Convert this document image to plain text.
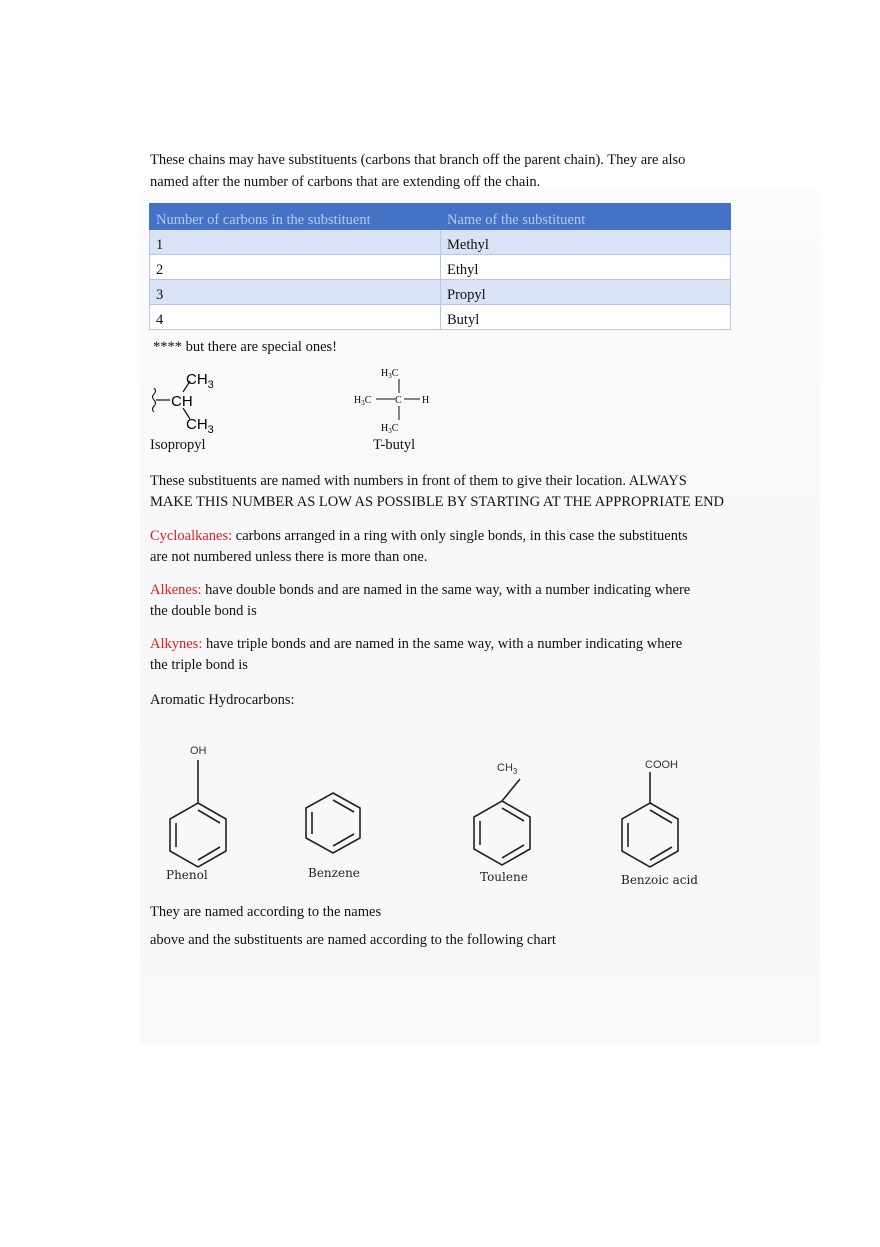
These chains may have substituents (carbons that branch off the parent chain). They are also

named after the number of carbons that are extending off the chain.

Number of carbons in the substituent	Name of the substituent
1	Methyl
2	Ethyl
3	Propyl
4	Butyl

**** but there are special ones!

$CH_3$
CH
$CH_3$
Isopropyl
$H_3C$
$H_3C$ C H
$H_3C$
T-butyl

These substituents are named with numbers in front of them to give their location. ALWAYS

MAKE THIS NUMBER AS LOW AS POSSIBLE BY STARTING AT THE APPROPRIATE END

Cycloalkanes: carbons arranged in a ring with only single bonds, in this case the substituents

are not numbered unless there is more than one.

Alkenes: have double bonds and are named in the same way, with a number indicating where

the double bond is

Alkynes: have triple bonds and are named in the same way, with a number indicating where

the triple bond is

Aromatic Hydrocarbons:

OH
$CH_3$
COOH
Phenol	Benzene	Toulene	Benzoic acid

They are named according to the names

above and the substituents are named according to the following chart
